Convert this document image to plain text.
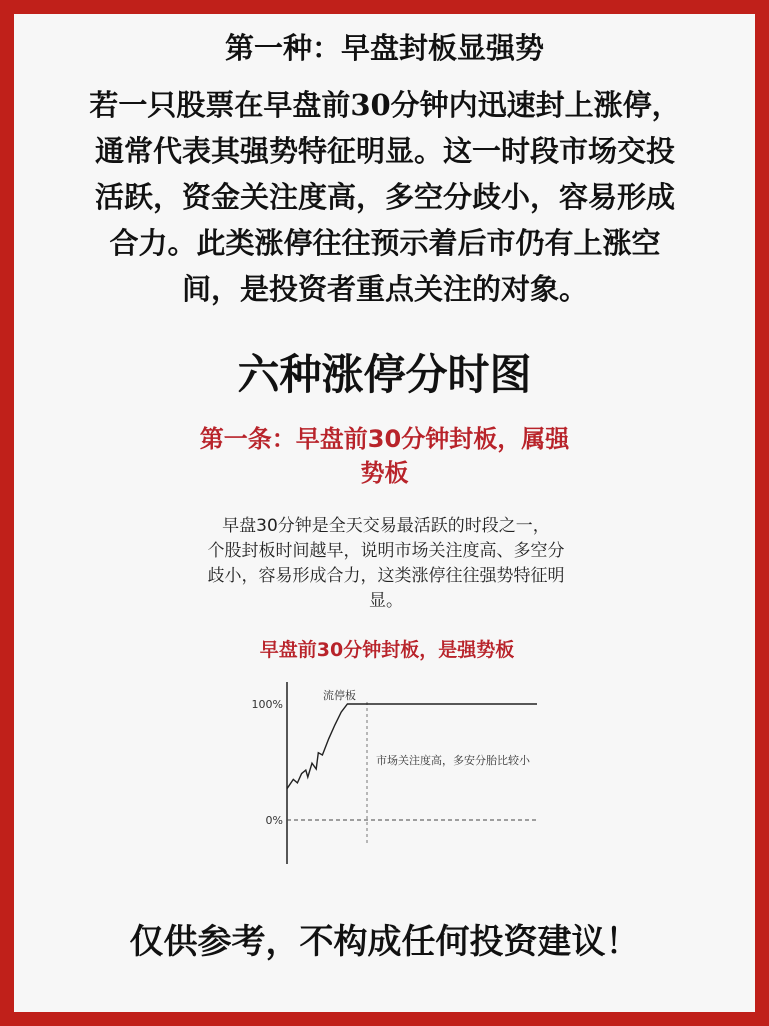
第一种：早盘封板显强势
若一只股票在早盘前30分钟内迅速封上涨停，
通常代表其强势特征明显。这一时段市场交投
活跃，资金关注度高，多空分歧小，容易形成
合力。此类涨停往往预示着后市仍有上涨空
间，是投资者重点关注的对象。
六种涨停分时图
第一条：早盘前30分钟封板，属强
势板
早盘30分钟是全天交易最活跃的时段之一，
个股封板时间越早，说明市场关注度高、多空分
歧小，容易形成合力，这类涨停往往强势特征明
显。
早盘前30分钟封板，是强势板
100%
0%
流停板
市场关注度高，多安分胎比较小
仅供参考，不构成任何投资建议！
